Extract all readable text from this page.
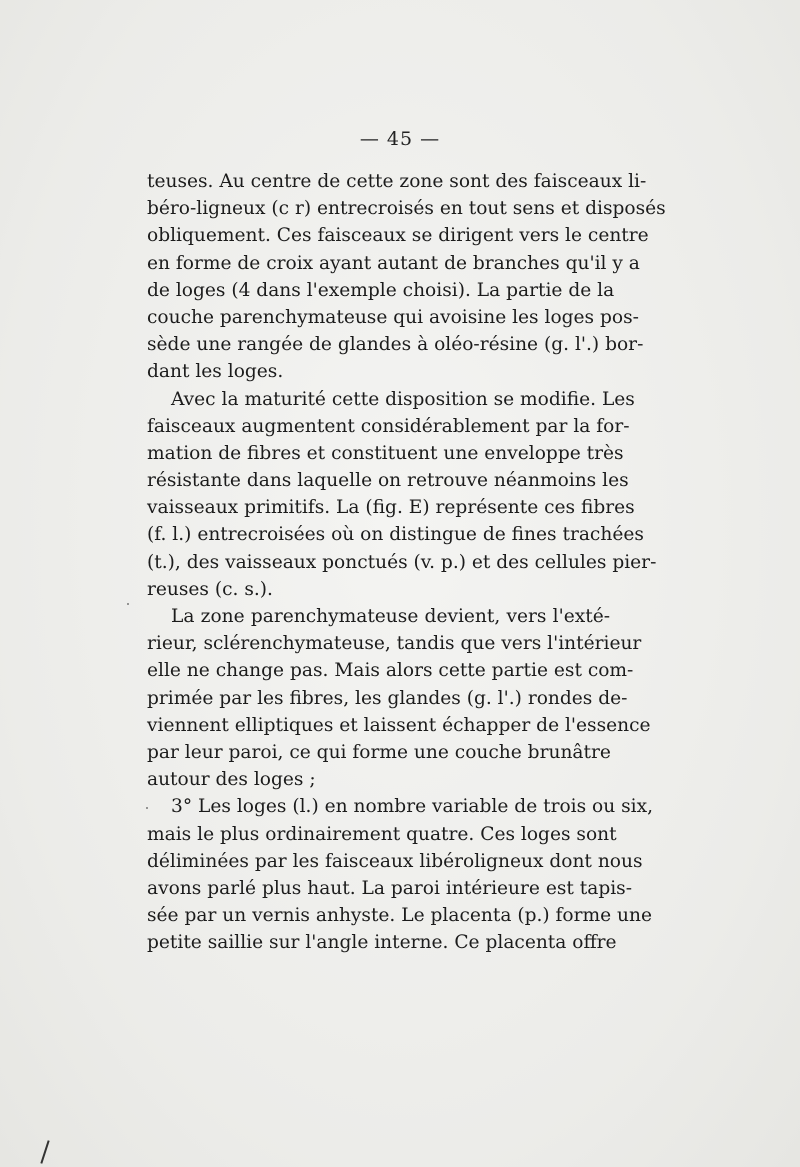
— 45 —
teuses. Au centre de cette zone sont des faisceaux li-
béro-ligneux (c r) entrecroisés en tout sens et disposés
obliquement. Ces faisceaux se dirigent vers le centre
en forme de croix ayant autant de branches qu'il y a
de loges (4 dans l'exemple choisi). La partie de la
couche parenchymateuse qui avoisine les loges pos-
sède une rangée de glandes à oléo-résine (g. l'.) bor-
dant les loges.
Avec la maturité cette disposition se modifie. Les
faisceaux augmentent considérablement par la for-
mation de fibres et constituent une enveloppe très
résistante dans laquelle on retrouve néanmoins les
vaisseaux primitifs. La (fig. E) représente ces fibres
(f. l.) entrecroisées où on distingue de fines trachées
(t.), des vaisseaux ponctués (v. p.) et des cellules pier-
reuses (c. s.).
La zone parenchymateuse devient, vers l'exté-
rieur, sclérenchymateuse, tandis que vers l'intérieur
elle ne change pas. Mais alors cette partie est com-
primée par les fibres, les glandes (g. l'.) rondes de-
viennent elliptiques et laissent échapper de l'essence
par leur paroi, ce qui forme une couche brunâtre
autour des loges ;
3° Les loges (l.) en nombre variable de trois ou six,
mais le plus ordinairement quatre. Ces loges sont
déliminées par les faisceaux libéroligneux dont nous
avons parlé plus haut. La paroi intérieure est tapis-
sée par un vernis anhyste. Le placenta (p.) forme une
petite saillie sur l'angle interne. Ce placenta offre
